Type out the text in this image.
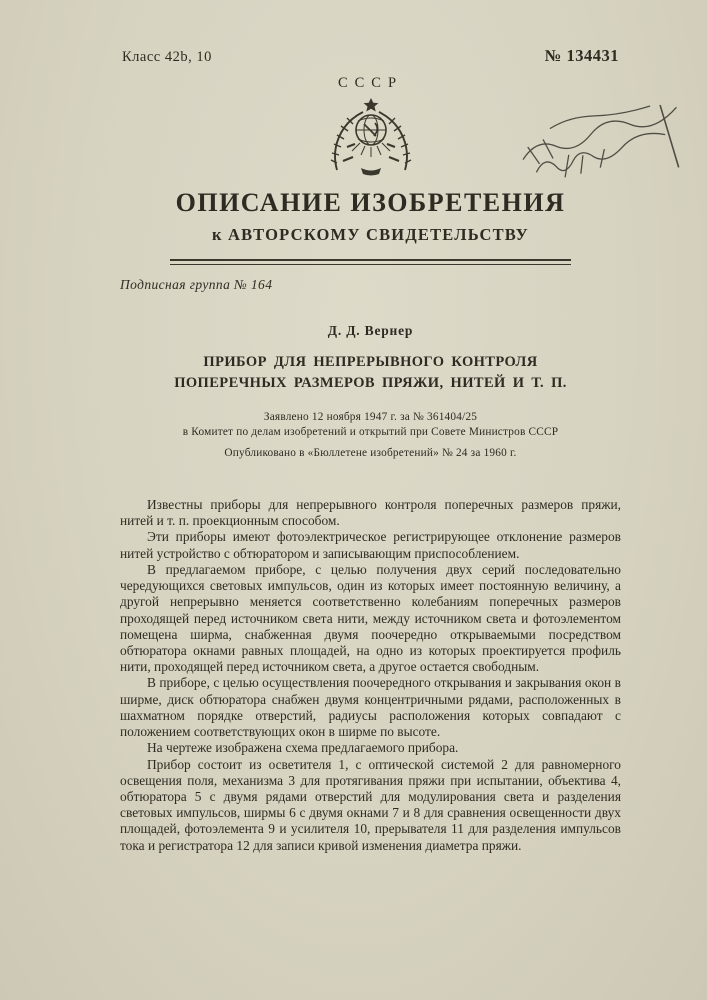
Класс 42b, 10	№ 134431
СССР
ОПИСАНИЕ ИЗОБРЕТЕНИЯ
к АВТОРСКОМУ СВИДЕТЕЛЬСТВУ
Подписная группа № 164
Д. Д. Вернер
ПРИБОР ДЛЯ НЕПРЕРЫВНОГО КОНТРОЛЯ ПОПЕРЕЧНЫХ РАЗМЕРОВ ПРЯЖИ, НИТЕЙ И Т. П.
Заявлено 12 ноября 1947 г. за № 361404/25
в Комитет по делам изобретений и открытий при Совете Министров СССР
Опубликовано в «Бюллетене изобретений» № 24 за 1960 г.

Известны приборы для непрерывного контроля поперечных размеров пряжи, нитей и т. п. проекционным способом.

Эти приборы имеют фотоэлектрическое регистрирующее отклонение размеров нитей устройство с обтюратором и записывающим приспособлением.

В предлагаемом приборе, с целью получения двух серий последовательно чередующихся световых импульсов, один из которых имеет постоянную величину, а другой непрерывно меняется соответственно колебаниям поперечных размеров проходящей перед источником света нити, между источником света и фотоэлементом помещена ширма, снабженная двумя поочередно открываемыми посредством обтюратора окнами равных площадей, на одно из которых проектируется профиль нити, проходящей перед источником света, а другое остается свободным.

В приборе, с целью осуществления поочередного открывания и закрывания окон в ширме, диск обтюратора снабжен двумя концентричными рядами, расположенных в шахматном порядке отверстий, радиусы расположения которых совпадают с положением соответствующих окон в ширме по высоте.

На чертеже изображена схема предлагаемого прибора.

Прибор состоит из осветителя 1, с оптической системой 2 для равномерного освещения поля, механизма 3 для протягивания пряжи при испытании, объектива 4, обтюратора 5 с двумя рядами отверстий для модулирования света и разделения световых импульсов, ширмы 6 с двумя окнами 7 и 8 для сравнения освещенности двух площадей, фотоэлемента 9 и усилителя 10, прерывателя 11 для разделения импульсов тока и регистратора 12 для записи кривой изменения диаметра пряжи.
